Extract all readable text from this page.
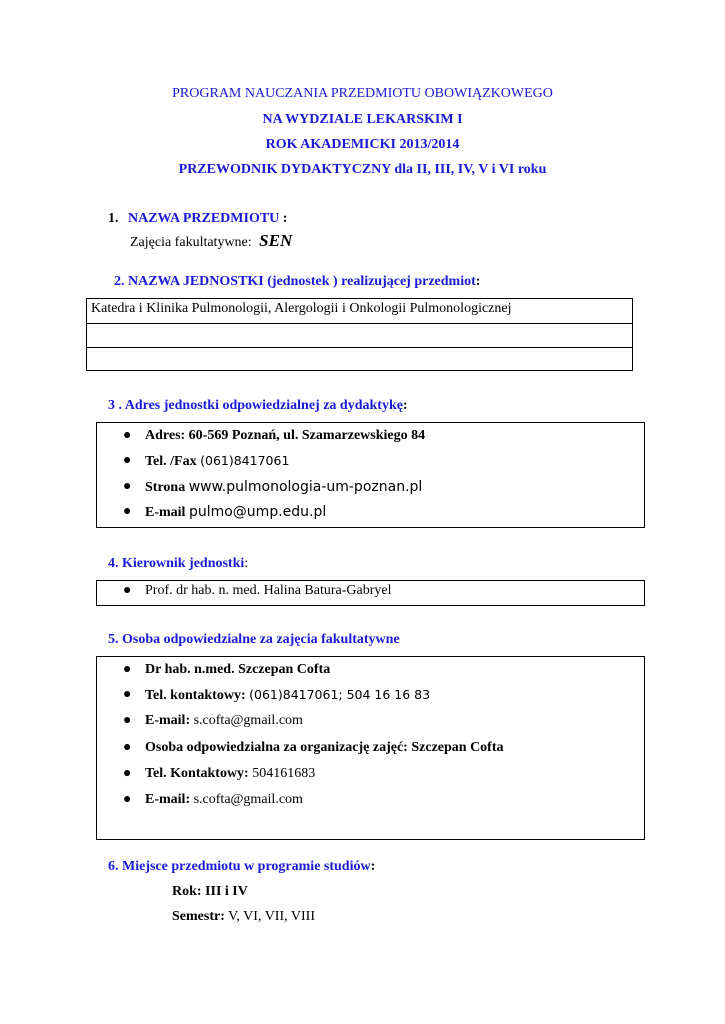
PROGRAM NAUCZANIA PRZEDMIOTU OBOWIĄZKOWEGO
NA WYDZIALE LEKARSKIM I
ROK AKADEMICKI 2013/2014
PRZEWODNIK DYDAKTYCZNY dla II, III, IV, V i VI roku
1. NAZWA PRZEDMIOTU :
Zajęcia fakultatywne: SEN
2. NAZWA JEDNOSTKI (jednostek ) realizującej przedmiot:
Katedra i Klinika Pulmonologii, Alergologii i Onkologii Pulmonologicznej
3 . Adres jednostki odpowiedzialnej za dydaktykę:
● Adres: 60-569 Poznań, ul. Szamarzewskiego 84
● Tel. /Fax (061)8417061
● Strona www.pulmonologia-um-poznan.pl
● E-mail pulmo@ump.edu.pl
4. Kierownik jednostki:
● Prof. dr hab. n. med. Halina Batura-Gabryel
5. Osoba odpowiedzialne za zajęcia fakultatywne
● Dr hab. n.med. Szczepan Cofta
● Tel. kontaktowy: (061)8417061; 504 16 16 83
● E-mail: s.cofta@gmail.com
● Osoba odpowiedzialna za organizację zajęć: Szczepan Cofta
● Tel. Kontaktowy: 504161683
● E-mail: s.cofta@gmail.com
6. Miejsce przedmiotu w programie studiów:
Rok: III i IV
Semestr: V, VI, VII, VIII
